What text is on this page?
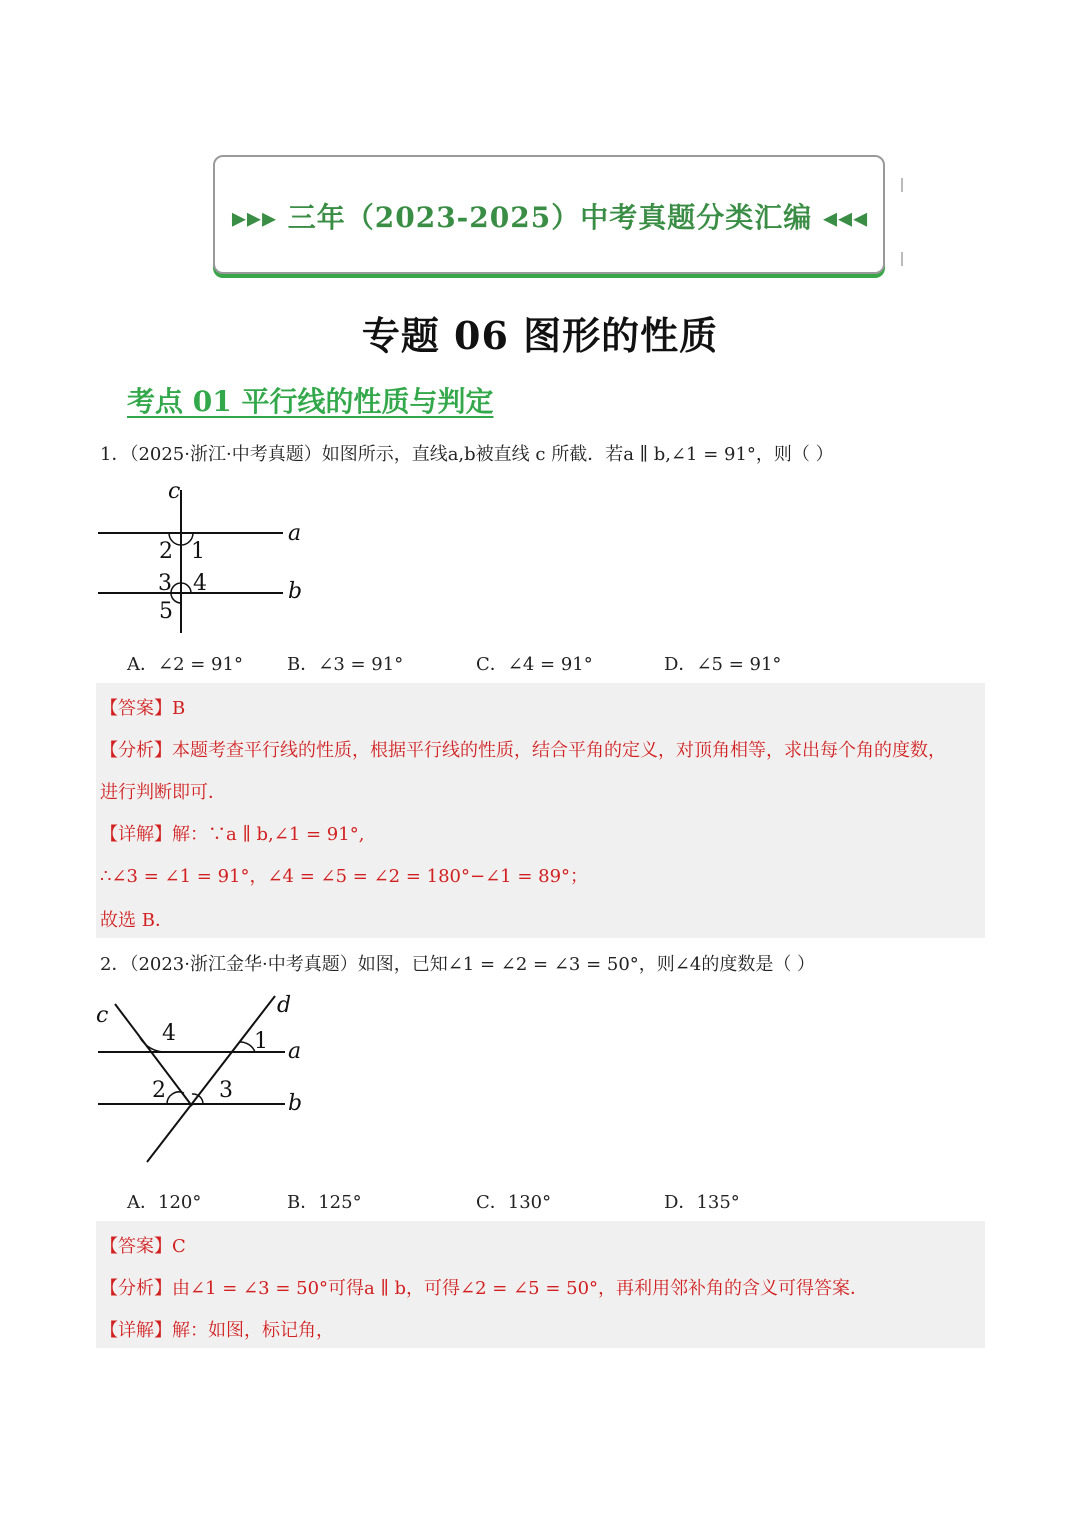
▸▸▸ 三年（2023-2025）中考真题分类汇编 ◂◂◂
专题 06 图形的性质
考点 01 平行线的性质与判定
1．（2025·浙江·中考真题）如图所示，直线a,b被直线 c 所截．若a ∥ b,∠1 = 91°，则（ ）
c
a
b
2 1
3 4
5
A．∠2 = 91° B．∠3 = 91°	C．∠4 = 91°	D．∠5 = 91°
【答案】B
【分析】本题考查平行线的性质，根据平行线的性质，结合平角的定义，对顶角相等，求出每个角的度数，
进行判断即可．
【详解】解：∵a ∥ b,∠1 = 91°,
∴∠3 = ∠1 = 91°，∠4 = ∠5 = ∠2 = 180°−∠1 = 89°；
故选 B．
2．（2023·浙江金华·中考真题）如图，已知∠1 = ∠2 = ∠3 = 50°，则∠4的度数是（ ）
c	d
a
b
4	1
2 3
A．120°	B．125°	C．130°	D．135°
【答案】C
【分析】由∠1 = ∠3 = 50°可得a ∥ b，可得∠2 = ∠5 = 50°，再利用邻补角的含义可得答案．
【详解】解：如图，标记角，
